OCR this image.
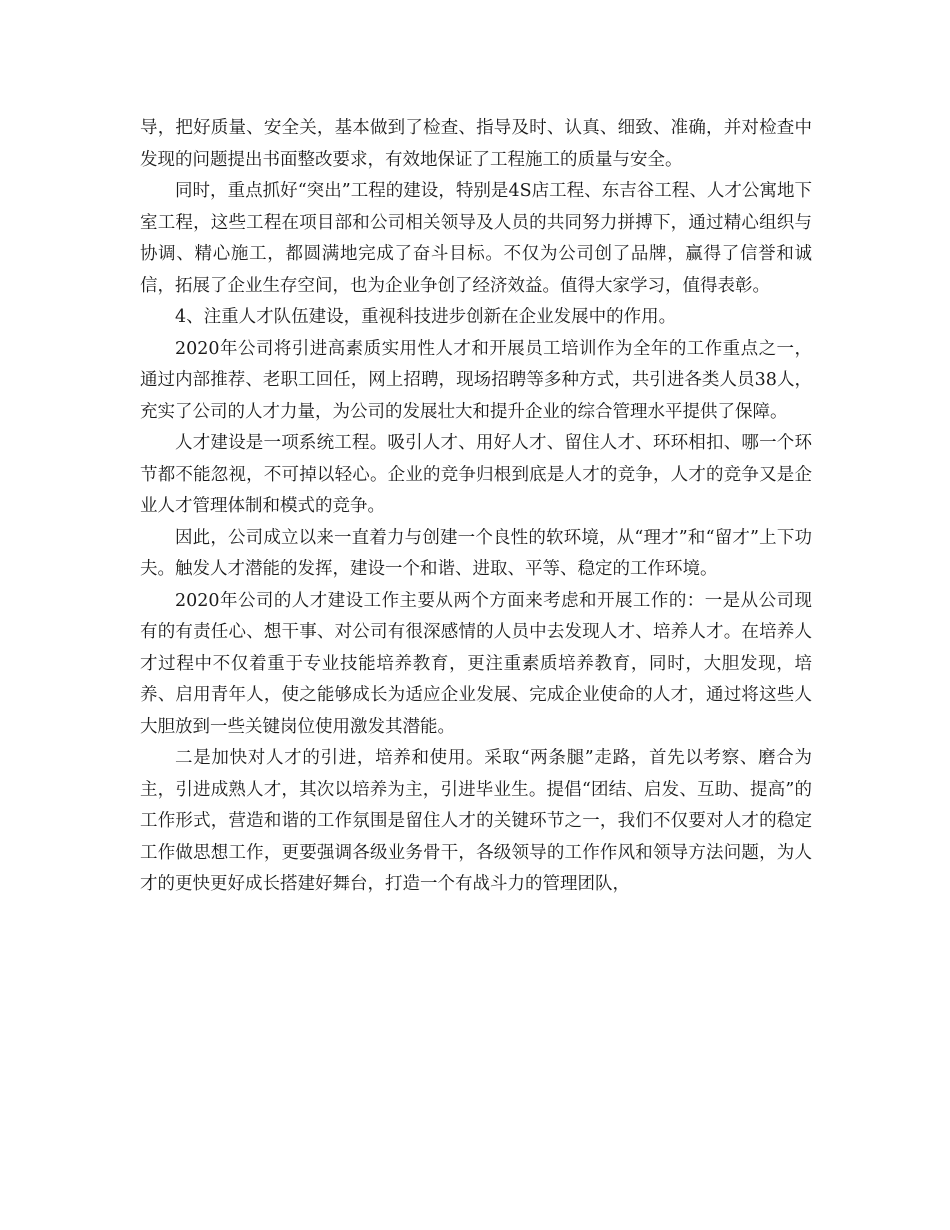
导，把好质量、安全关，基本做到了检查、指导及时、认真、细致、准确，并对检查中发现的问题提出书面整改要求，有效地保证了工程施工的质量与安全。

同时，重点抓好“突出”工程的建设，特别是4S店工程、东吉谷工程、人才公寓地下室工程，这些工程在项目部和公司相关领导及人员的共同努力拼搏下，通过精心组织与协调、精心施工，都圆满地完成了奋斗目标。不仅为公司创了品牌，赢得了信誉和诚信，拓展了企业生存空间，也为企业争创了经济效益。值得大家学习，值得表彰。

4、注重人才队伍建设，重视科技进步创新在企业发展中的作用。

2020年公司将引进高素质实用性人才和开展员工培训作为全年的工作重点之一，通过内部推荐、老职工回任，网上招聘，现场招聘等多种方式，共引进各类人员38人，充实了公司的人才力量，为公司的发展壮大和提升企业的综合管理水平提供了保障。

人才建设是一项系统工程。吸引人才、用好人才、留住人才、环环相扣、哪一个环节都不能忽视，不可掉以轻心。企业的竞争归根到底是人才的竞争，人才的竞争又是企业人才管理体制和模式的竞争。

因此，公司成立以来一直着力与创建一个良性的软环境，从“理才”和“留才”上下功夫。触发人才潜能的发挥，建设一个和谐、进取、平等、稳定的工作环境。

2020年公司的人才建设工作主要从两个方面来考虑和开展工作的：一是从公司现有的有责任心、想干事、对公司有很深感情的人员中去发现人才、培养人才。在培养人才过程中不仅着重于专业技能培养教育，更注重素质培养教育，同时，大胆发现，培养、启用青年人，使之能够成长为适应企业发展、完成企业使命的人才，通过将这些人大胆放到一些关键岗位使用激发其潜能。

二是加快对人才的引进，培养和使用。采取“两条腿”走路，首先以考察、磨合为主，引进成熟人才，其次以培养为主，引进毕业生。提倡“团结、启发、互助、提高”的工作形式，营造和谐的工作氛围是留住人才的关键环节之一，我们不仅要对人才的稳定工作做思想工作，更要强调各级业务骨干，各级领导的工作作风和领导方法问题，为人才的更快更好成长搭建好舞台，打造一个有战斗力的管理团队，
